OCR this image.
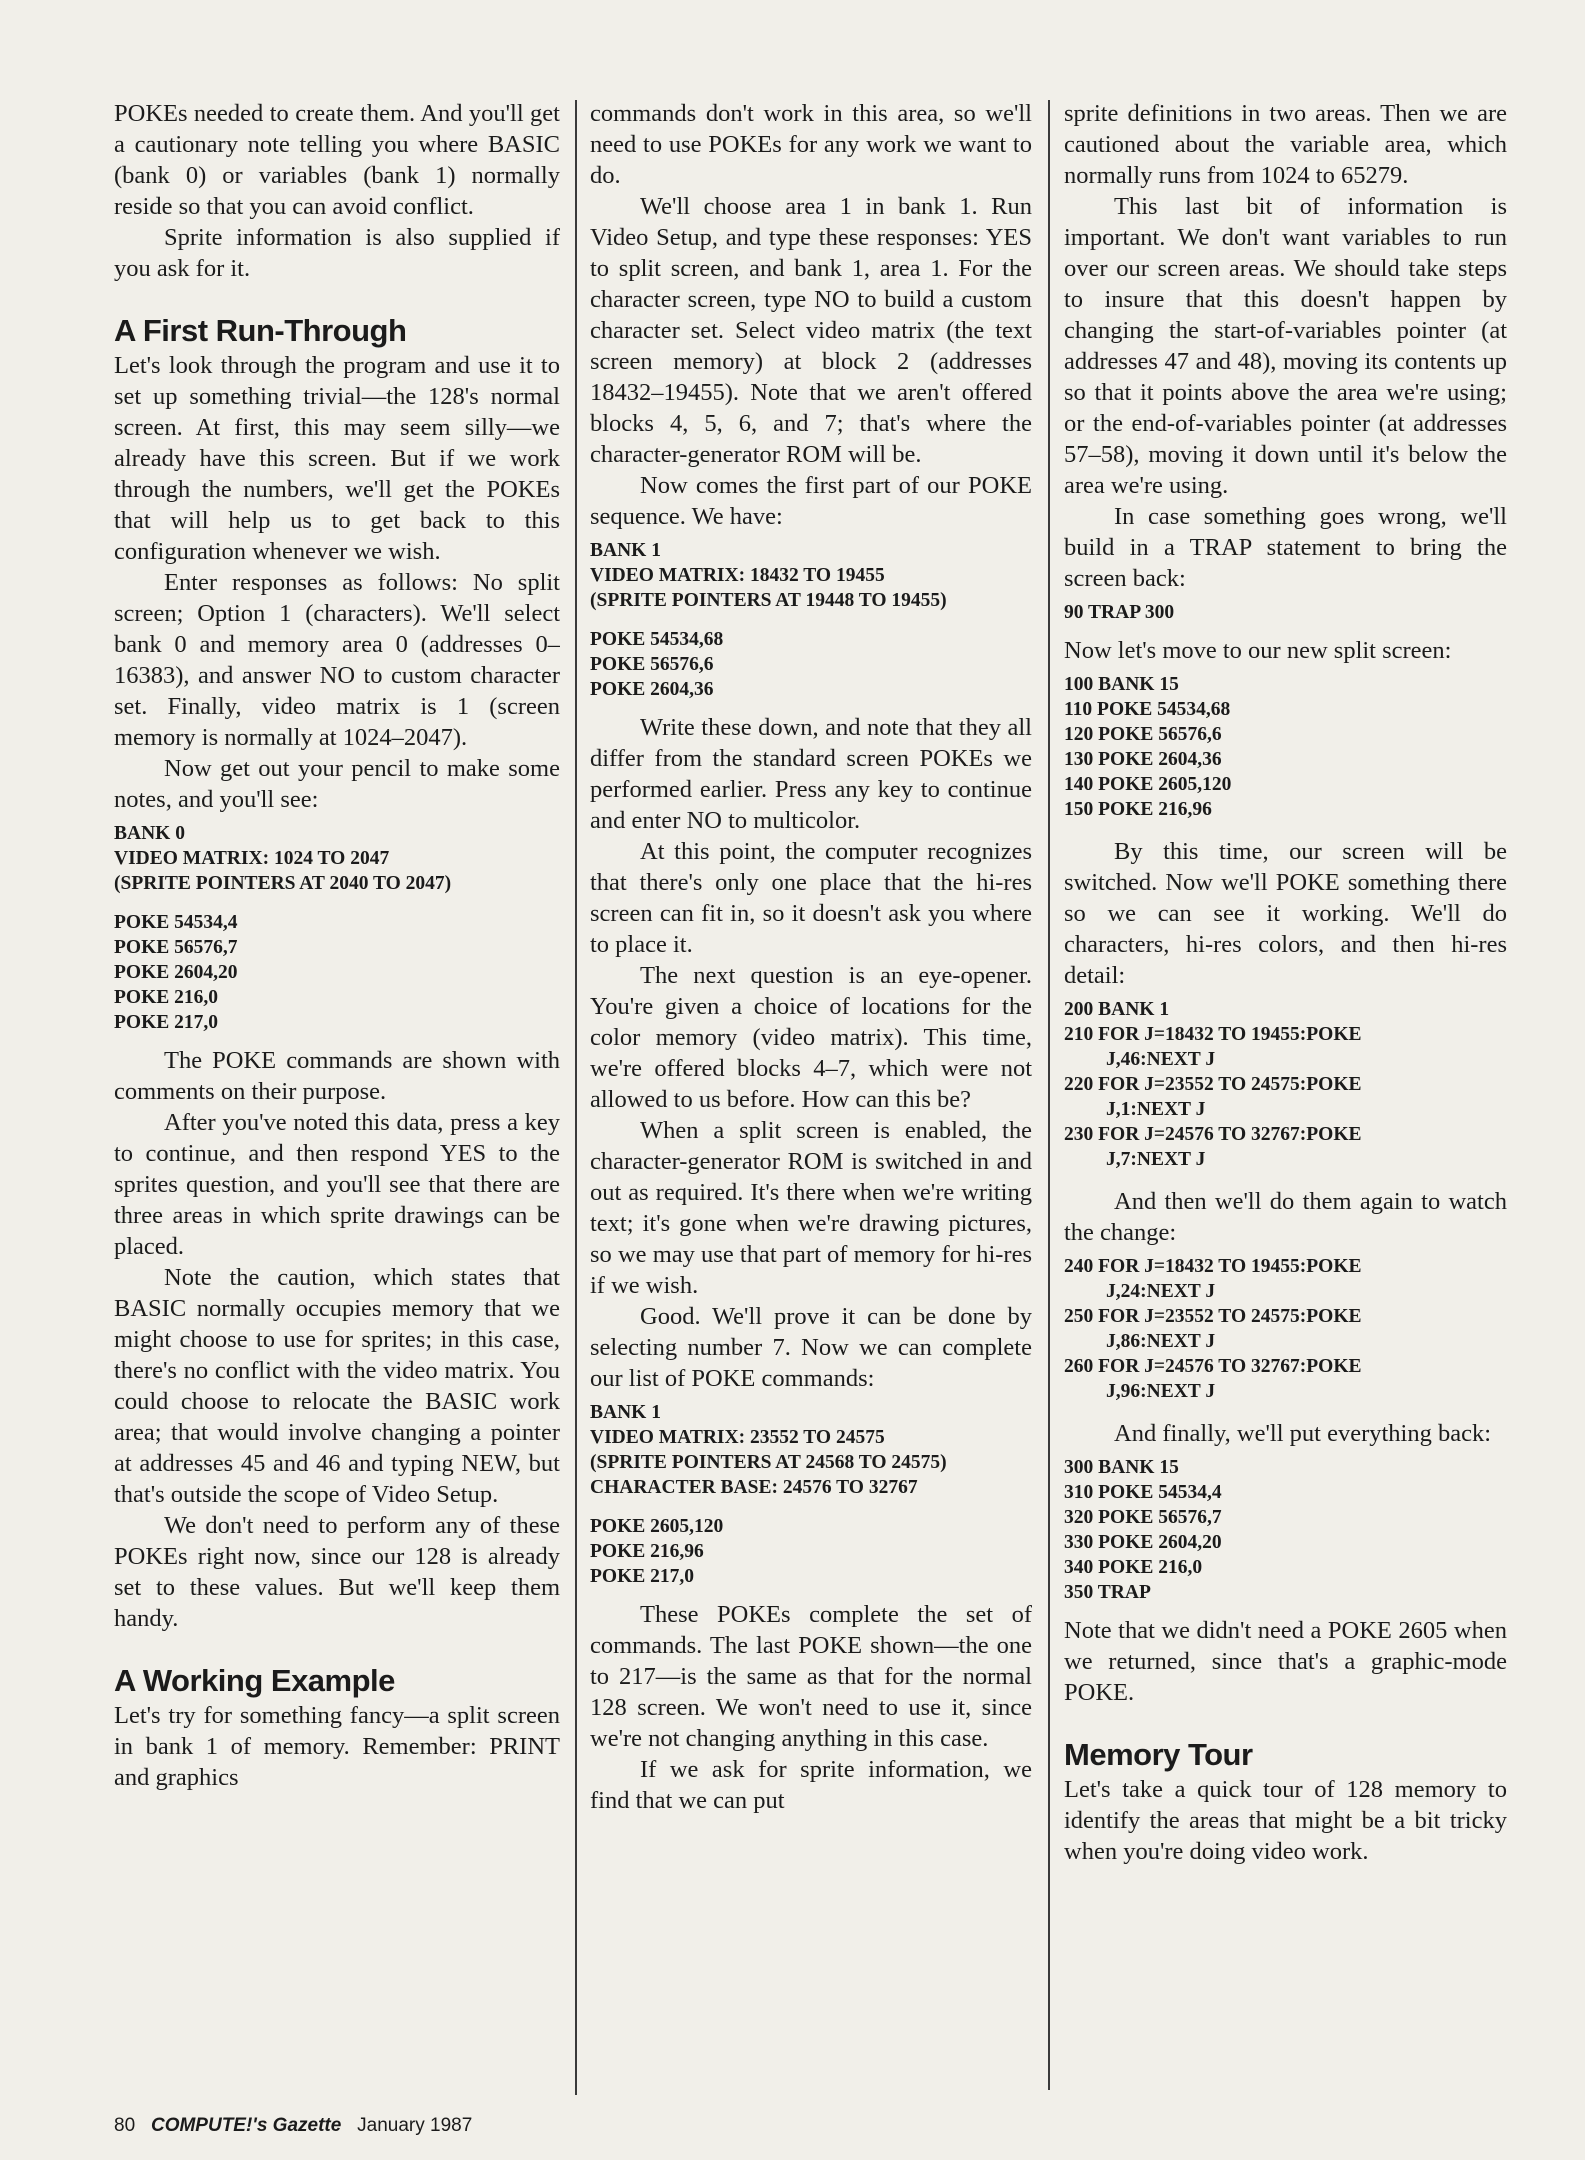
POKEs needed to create them. And you'll get a cautionary note telling you where BASIC (bank 0) or variables (bank 1) normally reside so that you can avoid conflict.

Sprite information is also supplied if you ask for it.

A First Run-Through

Let's look through the program and use it to set up something trivial—the 128's normal screen. At first, this may seem silly—we already have this screen. But if we work through the numbers, we'll get the POKEs that will help us to get back to this configuration whenever we wish.

Enter responses as follows: No split screen; Option 1 (characters). We'll select bank 0 and memory area 0 (addresses 0–16383), and answer NO to custom character set. Finally, video matrix is 1 (screen memory is normally at 1024–2047).

Now get out your pencil to make some notes, and you'll see:

BANK 0
VIDEO MATRIX: 1024 TO 2047
(SPRITE POINTERS AT 2040 TO 2047)
POKE 54534,4
POKE 56576,7
POKE 2604,20
POKE 216,0
POKE 217,0

The POKE commands are shown with comments on their purpose.

After you've noted this data, press a key to continue, and then respond YES to the sprites question, and you'll see that there are three areas in which sprite drawings can be placed.

Note the caution, which states that BASIC normally occupies memory that we might choose to use for sprites; in this case, there's no conflict with the video matrix. You could choose to relocate the BASIC work area; that would involve changing a pointer at addresses 45 and 46 and typing NEW, but that's outside the scope of Video Setup.

We don't need to perform any of these POKEs right now, since our 128 is already set to these values. But we'll keep them handy.

A Working Example

Let's try for something fancy—a split screen in bank 1 of memory. Remember: PRINT and graphics

commands don't work in this area, so we'll need to use POKEs for any work we want to do.

We'll choose area 1 in bank 1. Run Video Setup, and type these responses: YES to split screen, and bank 1, area 1. For the character screen, type NO to build a custom character set. Select video matrix (the text screen memory) at block 2 (addresses 18432–19455). Note that we aren't offered blocks 4, 5, 6, and 7; that's where the character-generator ROM will be.

Now comes the first part of our POKE sequence. We have:

BANK 1
VIDEO MATRIX: 18432 TO 19455
(SPRITE POINTERS AT 19448 TO 19455)
POKE 54534,68
POKE 56576,6
POKE 2604,36

Write these down, and note that they all differ from the standard screen POKEs we performed earlier. Press any key to continue and enter NO to multicolor.

At this point, the computer recognizes that there's only one place that the hi-res screen can fit in, so it doesn't ask you where to place it.

The next question is an eye-opener. You're given a choice of locations for the color memory (video matrix). This time, we're offered blocks 4–7, which were not allowed to us before. How can this be?

When a split screen is enabled, the character-generator ROM is switched in and out as required. It's there when we're writing text; it's gone when we're drawing pictures, so we may use that part of memory for hi-res if we wish.

Good. We'll prove it can be done by selecting number 7. Now we can complete our list of POKE commands:

BANK 1
VIDEO MATRIX: 23552 TO 24575
(SPRITE POINTERS AT 24568 TO 24575)
CHARACTER BASE: 24576 TO 32767
POKE 2605,120
POKE 216,96
POKE 217,0

These POKEs complete the set of commands. The last POKE shown—the one to 217—is the same as that for the normal 128 screen. We won't need to use it, since we're not changing anything in this case.

If we ask for sprite information, we find that we can put

sprite definitions in two areas. Then we are cautioned about the variable area, which normally runs from 1024 to 65279.

This last bit of information is important. We don't want variables to run over our screen areas. We should take steps to insure that this doesn't happen by changing the start-of-variables pointer (at addresses 47 and 48), moving its contents up so that it points above the area we're using; or the end-of-variables pointer (at addresses 57–58), moving it down until it's below the area we're using.

In case something goes wrong, we'll build in a TRAP statement to bring the screen back:

90 TRAP 300

Now let's move to our new split screen:

100 BANK 15
110 POKE 54534,68
120 POKE 56576,6
130 POKE 2604,36
140 POKE 2605,120
150 POKE 216,96

By this time, our screen will be switched. Now we'll POKE something there so we can see it working. We'll do characters, hi-res colors, and then hi-res detail:

200 BANK 1
210 FOR J=18432 TO 19455:POKE
J,46:NEXT J
220 FOR J=23552 TO 24575:POKE
J,1:NEXT J
230 FOR J=24576 TO 32767:POKE
J,7:NEXT J

And then we'll do them again to watch the change:

240 FOR J=18432 TO 19455:POKE
J,24:NEXT J
250 FOR J=23552 TO 24575:POKE
J,86:NEXT J
260 FOR J=24576 TO 32767:POKE
J,96:NEXT J

And finally, we'll put everything back:

300 BANK 15
310 POKE 54534,4
320 POKE 56576,7
330 POKE 2604,20
340 POKE 216,0
350 TRAP

Note that we didn't need a POKE 2605 when we returned, since that's a graphic-mode POKE.

Memory Tour

Let's take a quick tour of 128 memory to identify the areas that might be a bit tricky when you're doing video work.

80 COMPUTE!'s Gazette January 1987
